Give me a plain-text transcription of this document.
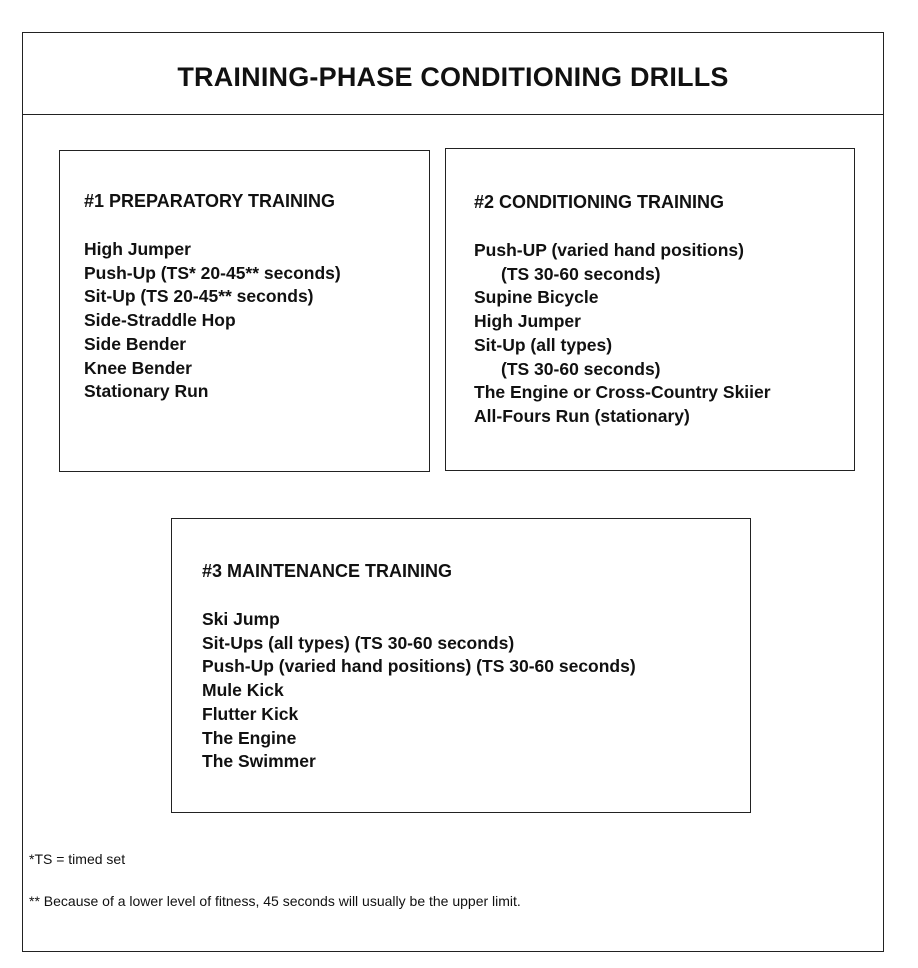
TRAINING-PHASE CONDITIONING DRILLS
#1 PREPARATORY TRAINING
High Jumper
Push-Up (TS* 20-45** seconds)
Sit-Up (TS 20-45** seconds)
Side-Straddle Hop
Side Bender
Knee Bender
Stationary Run
#2 CONDITIONING TRAINING
Push-UP (varied hand positions)
(TS 30-60 seconds)
Supine Bicycle
High Jumper
Sit-Up (all types)
(TS 30-60 seconds)
The Engine or Cross-Country Skiier
All-Fours Run (stationary)
#3 MAINTENANCE TRAINING
Ski Jump
Sit-Ups (all types) (TS 30-60 seconds)
Push-Up (varied hand positions) (TS 30-60 seconds)
Mule Kick
Flutter Kick
The Engine
The Swimmer
*TS = timed set
** Because of a lower level of fitness, 45 seconds will usually be the upper limit.
